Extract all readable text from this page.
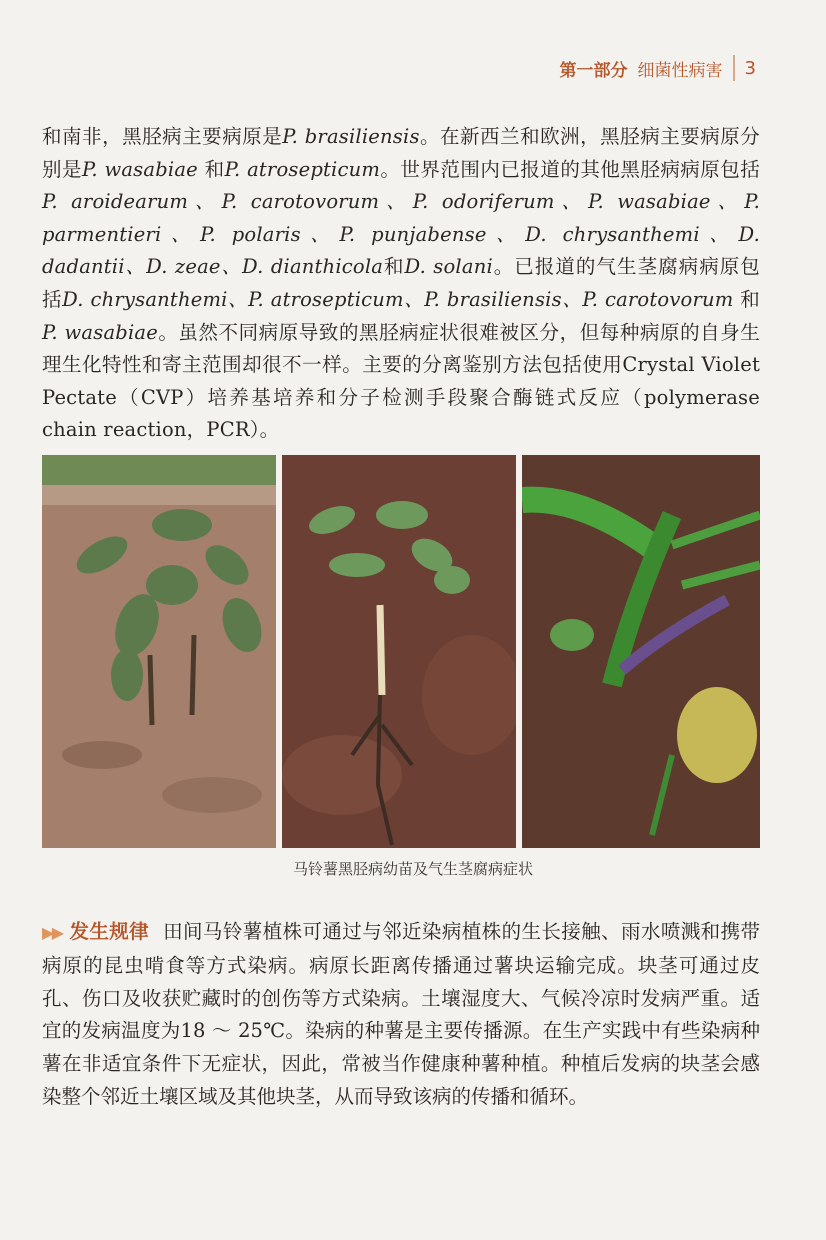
第一部分 细菌性病害 3
和南非，黑胫病主要病原是P. brasiliensis。在新西兰和欧洲，黑胫病主要病原分别是P. wasabiae 和P. atrosepticum。世界范围内已报道的其他黑胫病病原包括P. aroidearum、P. carotovorum、P. odoriferum、P. wasabiae、P. parmentieri、P. polaris、P. punjabense、D. chrysanthemi、D. dadantii、D. zeae、D. dianthicola和D. solani。已报道的气生茎腐病病原包括D. chrysanthemi、P. atrosepticum、P. brasiliensis、P. carotovorum 和P. wasabiae。虽然不同病原导致的黑胫病症状很难被区分，但每种病原的自身生理生化特性和寄主范围却很不一样。主要的分离鉴别方法包括使用Crystal Violet Pectate（CVP）培养基培养和分子检测手段聚合酶链式反应（polymerase chain reaction，PCR）。
马铃薯黑胫病幼苗及气生茎腐病症状
▶▶ 发生规律 田间马铃薯植株可通过与邻近染病植株的生长接触、雨水喷溅和携带病原的昆虫啃食等方式染病。病原长距离传播通过薯块运输完成。块茎可通过皮孔、伤口及收获贮藏时的创伤等方式染病。土壤湿度大、气候冷凉时发病严重。适宜的发病温度为18 ～ 25℃。染病的种薯是主要传播源。在生产实践中有些染病种薯在非适宜条件下无症状，因此，常被当作健康种薯种植。种植后发病的块茎会感染整个邻近土壤区域及其他块茎，从而导致该病的传播和循环。
